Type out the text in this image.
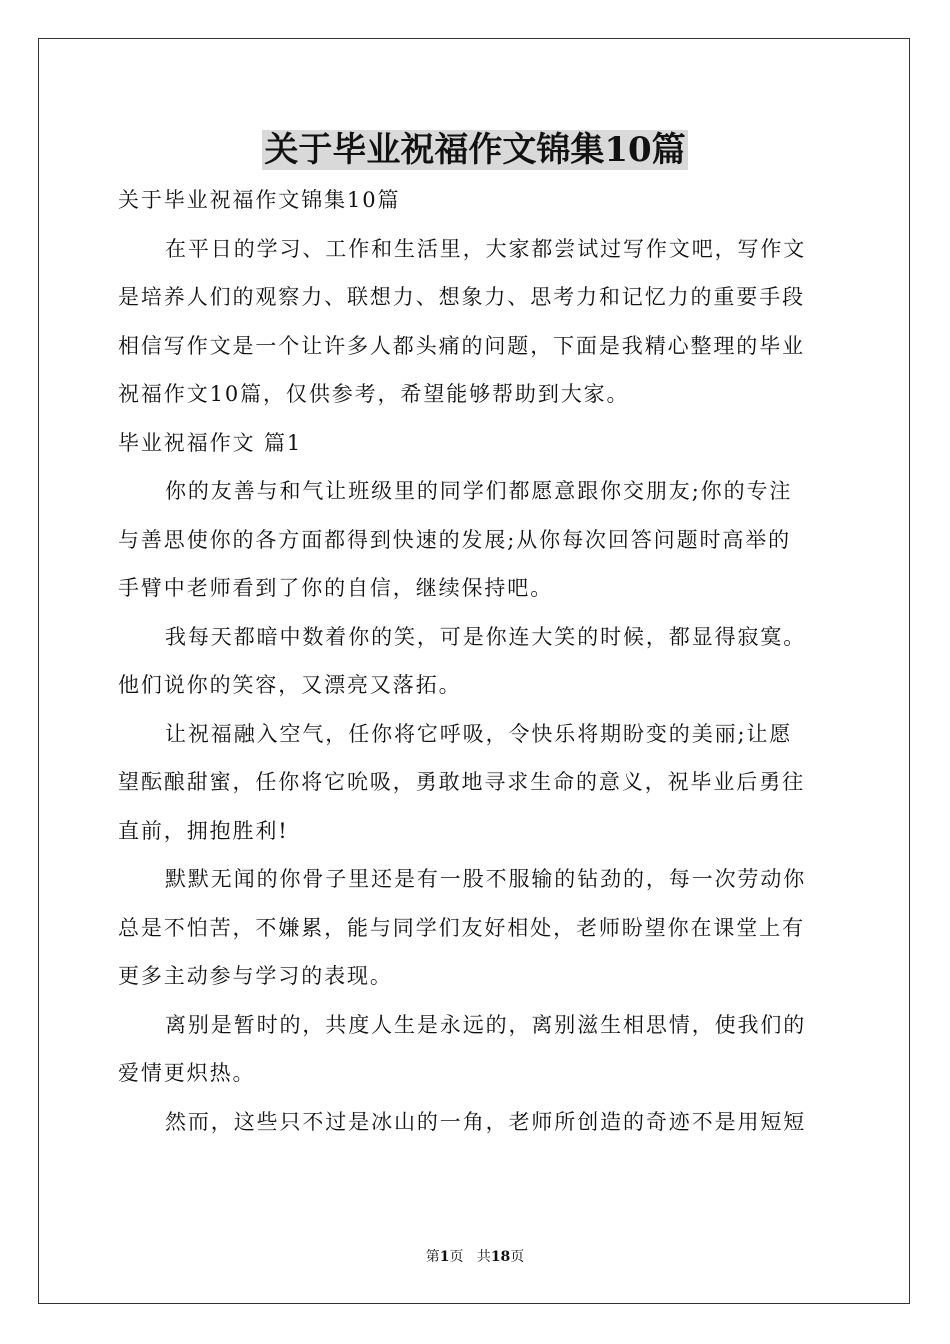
关于毕业祝福作文锦集10篇
关于毕业祝福作文锦集10篇
在平日的学习、工作和生活里，大家都尝试过写作文吧，写作文
是培养人们的观察力、联想力、想象力、思考力和记忆力的重要手段
相信写作文是一个让许多人都头痛的问题，下面是我精心整理的毕业
祝福作文10篇，仅供参考，希望能够帮助到大家。
毕业祝福作文 篇1
你的友善与和气让班级里的同学们都愿意跟你交朋友;你的专注
与善思使你的各方面都得到快速的发展;从你每次回答问题时高举的
手臂中老师看到了你的自信，继续保持吧。
我每天都暗中数着你的笑，可是你连大笑的时候，都显得寂寞。
他们说你的笑容，又漂亮又落拓。
让祝福融入空气，任你将它呼吸，令快乐将期盼变的美丽;让愿
望酝酿甜蜜，任你将它吮吸，勇敢地寻求生命的意义，祝毕业后勇往
直前，拥抱胜利!
默默无闻的你骨子里还是有一股不服输的钻劲的，每一次劳动你
总是不怕苦，不嫌累，能与同学们友好相处，老师盼望你在课堂上有
更多主动参与学习的表现。
离别是暂时的，共度人生是永远的，离别滋生相思情，使我们的
爱情更炽热。
然而，这些只不过是冰山的一角，老师所创造的奇迹不是用短短
第1页 共18页
